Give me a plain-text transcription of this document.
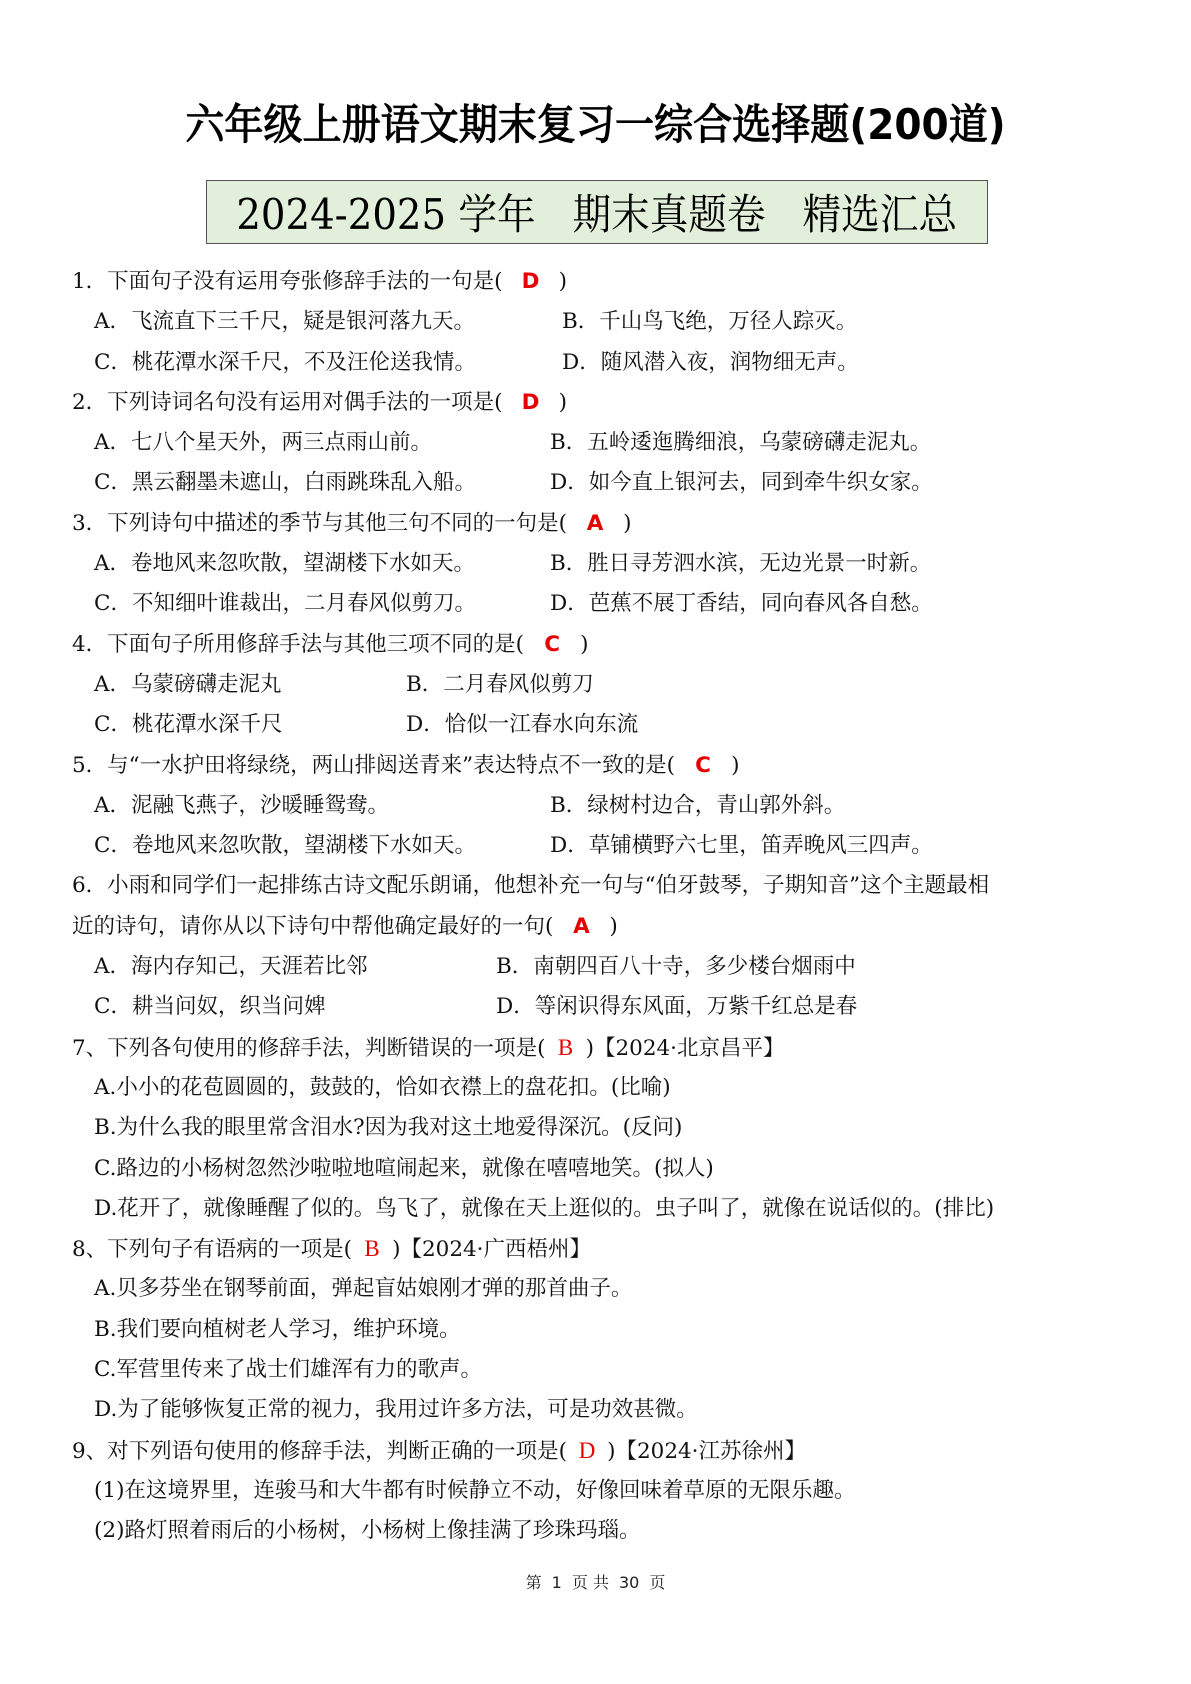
六年级上册语文期末复习一综合选择题(200道)
2024-2025 学年   期末真题卷   精选汇总
1．下面句子没有运用夸张修辞手法的一句是( D )
A．飞流直下三千尺，疑是银河落九天。	B．千山鸟飞绝，万径人踪灭。
C．桃花潭水深千尺，不及汪伦送我情。	D．随风潜入夜，润物细无声。
2．下列诗词名句没有运用对偶手法的一项是( D )
A．七八个星天外，两三点雨山前。	B．五岭逶迤腾细浪，乌蒙磅礴走泥丸。
C．黑云翻墨未遮山，白雨跳珠乱入船。	D．如今直上银河去，同到牵牛织女家。
3．下列诗句中描述的季节与其他三句不同的一句是( A )
A．卷地风来忽吹散，望湖楼下水如天。	B．胜日寻芳泗水滨，无边光景一时新。
C．不知细叶谁裁出，二月春风似剪刀。	D．芭蕉不展丁香结，同向春风各自愁。
4．下面句子所用修辞手法与其他三项不同的是( C )
A．乌蒙磅礴走泥丸	B．二月春风似剪刀
C．桃花潭水深千尺	D．恰似一江春水向东流
5．与“一水护田将绿绕，两山排闼送青来”表达特点不一致的是( C )
A．泥融飞燕子，沙暖睡鸳鸯。	B．绿树村边合，青山郭外斜。
C．卷地风来忽吹散，望湖楼下水如天。	D．草铺横野六七里，笛弄晚风三四声。
6．小雨和同学们一起排练古诗文配乐朗诵，他想补充一句与“伯牙鼓琴，子期知音”这个主题最相
近的诗句，请你从以下诗句中帮他确定最好的一句( A )
A．海内存知己，天涯若比邻	B．南朝四百八十寺，多少楼台烟雨中
C．耕当问奴，织当问婢	D．等闲识得东风面，万紫千红总是春
7、下列各句使用的修辞手法，判断错误的一项是( B )【2024·北京昌平】
A.小小的花苞圆圆的，鼓鼓的，恰如衣襟上的盘花扣。(比喻)
B.为什么我的眼里常含泪水?因为我对这土地爱得深沉。(反问)
C.路边的小杨树忽然沙啦啦地喧闹起来，就像在嘻嘻地笑。(拟人)
D.花开了，就像睡醒了似的。鸟飞了，就像在天上逛似的。虫子叫了，就像在说话似的。(排比)
8、下列句子有语病的一项是( B )【2024·广西梧州】
A.贝多芬坐在钢琴前面，弹起盲姑娘刚才弹的那首曲子。
B.我们要向植树老人学习，维护环境。
C.军营里传来了战士们雄浑有力的歌声。
D.为了能够恢复正常的视力，我用过许多方法，可是功效甚微。
9、对下列语句使用的修辞手法，判断正确的一项是( D )【2024·江苏徐州】
(1)在这境界里，连骏马和大牛都有时候静立不动，好像回味着草原的无限乐趣。
(2)路灯照着雨后的小杨树，小杨树上像挂满了珍珠玛瑙。
第 1 页 共 30 页
